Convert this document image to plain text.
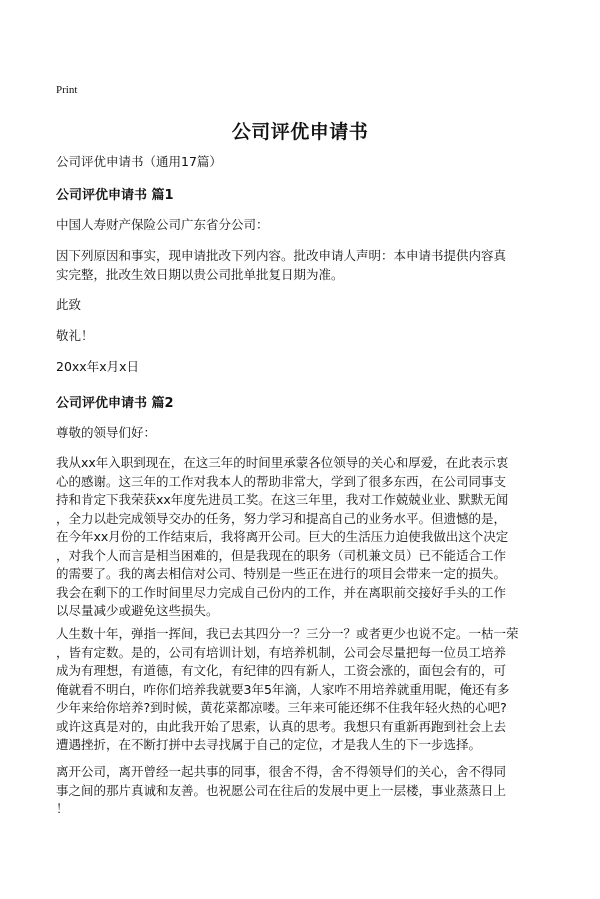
Print
公司评优申请书
公司评优申请书（通用17篇）
公司评优申请书 篇1
中国人寿财产保险公司广东省分公司：
因下列原因和事实，现申请批改下列内容。批改申请人声明：本申请书提供内容真
实完整，批改生效日期以贵公司批单批复日期为准。
此致
敬礼！
20xx年x月x日
公司评优申请书 篇2
尊敬的领导们好：
我从xx年入职到现在，在这三年的时间里承蒙各位领导的关心和厚爱，在此表示衷
心的感谢。这三年的工作对我本人的帮助非常大，学到了很多东西，在公司同事支
持和肯定下我荣获xx年度先进员工奖。在这三年里，我对工作兢兢业业、默默无闻
，全力以赴完成领导交办的任务，努力学习和提高自己的业务水平。但遗憾的是，
在今年xx月份的工作结束后，我将离开公司。巨大的生活压力迫使我做出这个决定
，对我个人而言是相当困难的，但是我现在的职务（司机兼文员）已不能适合工作
的需要了。我的离去相信对公司、特别是一些正在进行的项目会带来一定的损失。
我会在剩下的工作时间里尽力完成自己份内的工作，并在离职前交接好手头的工作
以尽量减少或避免这些损失。
人生数十年，弹指一挥间，我已去其四分一？三分一？或者更少也说不定。一枯一荣
，皆有定数。是的，公司有培训计划，有培养机制，公司会尽量把每一位员工培养
成为有理想，有道德，有文化，有纪律的四有新人，工资会涨的，面包会有的，可
俺就看不明白，咋你们培养我就要3年5年滴，人家咋不用培养就重用昵，俺还有多
少年来给你培养?到时候，黄花菜都凉喽。三年来可能还绑不住我年轻火热的心吧?
或许这真是对的，由此我开始了思索，认真的思考。我想只有重新再跑到社会上去
遭遇挫折，在不断打拼中去寻找属于自己的定位，才是我人生的下一步选择。
离开公司，离开曾经一起共事的同事，很舍不得，舍不得领导们的关心，舍不得同
事之间的那片真诚和友善。也祝愿公司在往后的发展中更上一层楼，事业蒸蒸日上
！
